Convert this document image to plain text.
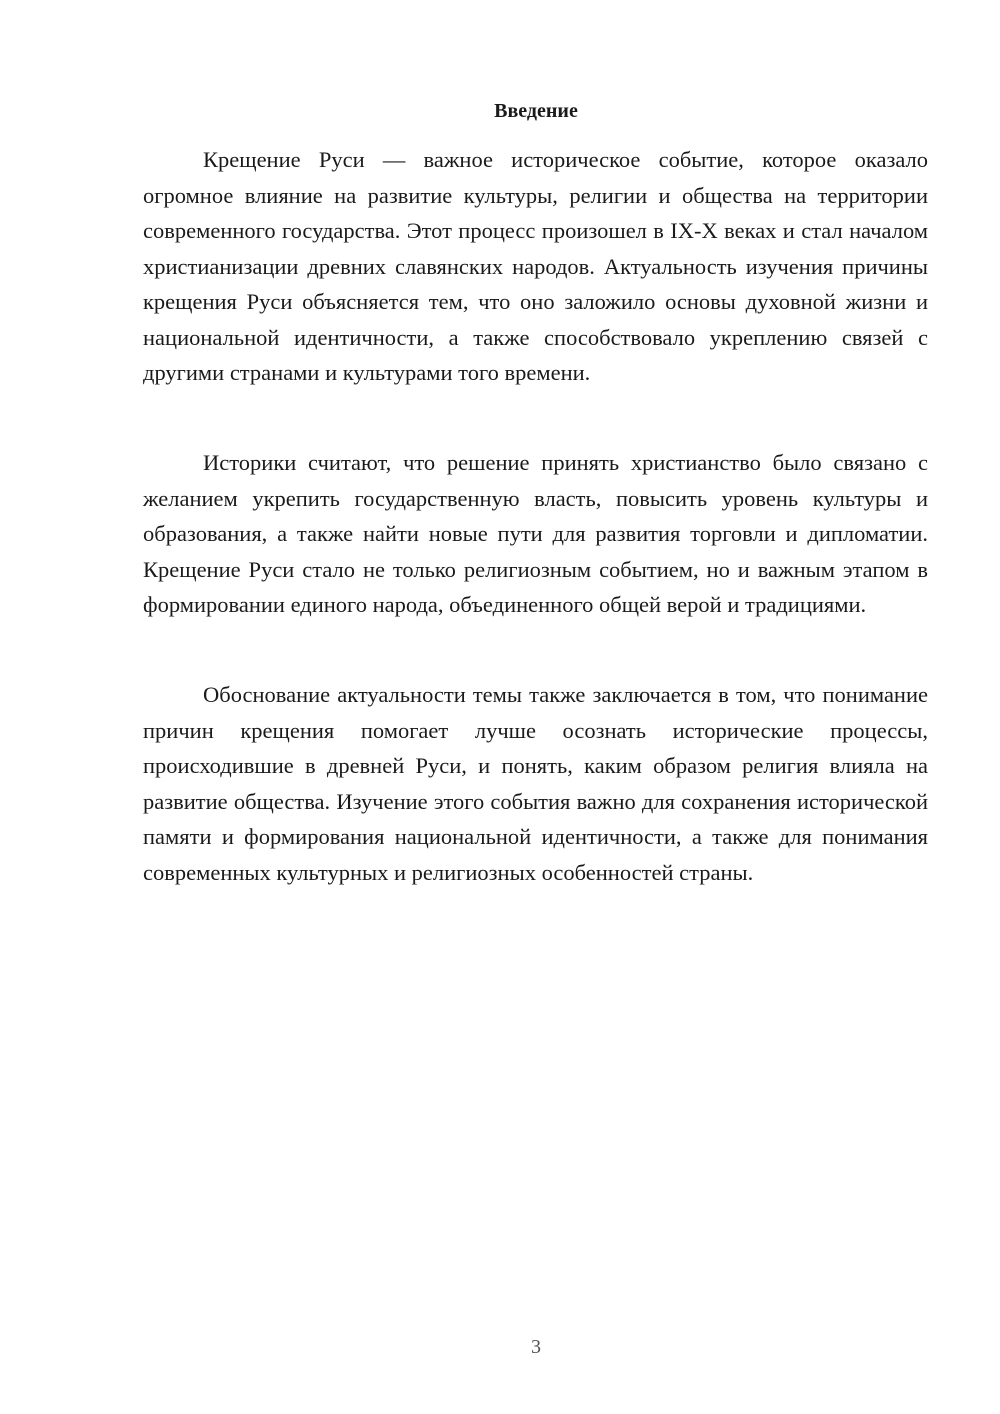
Введение

Крещение Руси — важное историческое событие, которое оказало огромное влияние на развитие культуры, религии и общества на территории современного государства. Этот процесс произошел в IX-X веках и стал началом христианизации древних славянских народов. Актуальность изучения причины крещения Руси объясняется тем, что оно заложило основы духовной жизни и национальной идентичности, а также способствовало укреплению связей с другими странами и культурами того времени.

Историки считают, что решение принять христианство было связано с желанием укрепить государственную власть, повысить уровень культуры и образования, а также найти новые пути для развития торговли и дипломатии. Крещение Руси стало не только религиозным событием, но и важным этапом в формировании единого народа, объединенного общей верой и традициями.

Обоснование актуальности темы также заключается в том, что понимание причин крещения помогает лучше осознать исторические процессы, происходившие в древней Руси, и понять, каким образом религия влияла на развитие общества. Изучение этого события важно для сохранения исторической памяти и формирования национальной идентичности, а также для понимания современных культурных и религиозных особенностей страны.

3
